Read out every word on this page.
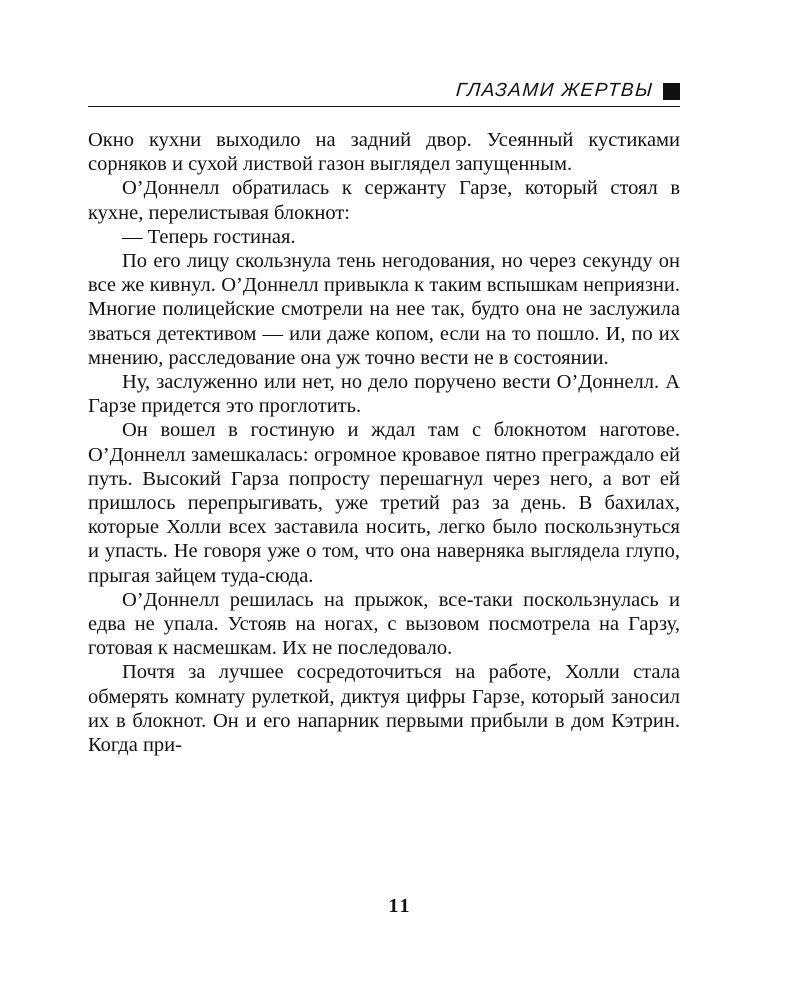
ГЛАЗАМИ ЖЕРТВЫ

Окно кухни выходило на задний двор. Усеянный кустиками сорняков и сухой листвой газон выглядел запущенным.

О’Доннелл обратилась к сержанту Гарзе, который стоял в кухне, перелистывая блокнот:

— Теперь гостиная.

По его лицу скользнула тень негодования, но через секунду он все же кивнул. О’Доннелл привыкла к таким вспышкам неприязни. Многие полицейские смотрели на нее так, будто она не заслужила зваться детективом — или даже копом, если на то пошло. И, по их мнению, расследование она уж точно вести не в состоянии.

Ну, заслуженно или нет, но дело поручено вести О’Доннелл. А Гарзе придется это проглотить.

Он вошел в гостиную и ждал там с блокнотом наготове. О’Доннелл замешкалась: огромное кровавое пятно преграждало ей путь. Высокий Гарза попросту перешагнул через него, а вот ей пришлось перепрыгивать, уже третий раз за день. В бахилах, которые Холли всех заставила носить, легко было поскользнуться и упасть. Не говоря уже о том, что она наверняка выглядела глупо, прыгая зайцем туда-сюда.

О’Доннелл решилась на прыжок, все-таки поскользнулась и едва не упала. Устояв на ногах, с вызовом посмотрела на Гарзу, готовая к насмешкам. Их не последовало.

Почтя за лучшее сосредоточиться на работе, Холли стала обмерять комнату рулеткой, диктуя цифры Гарзе, который заносил их в блокнот. Он и его напарник первыми прибыли в дом Кэтрин. Когда при-

11
